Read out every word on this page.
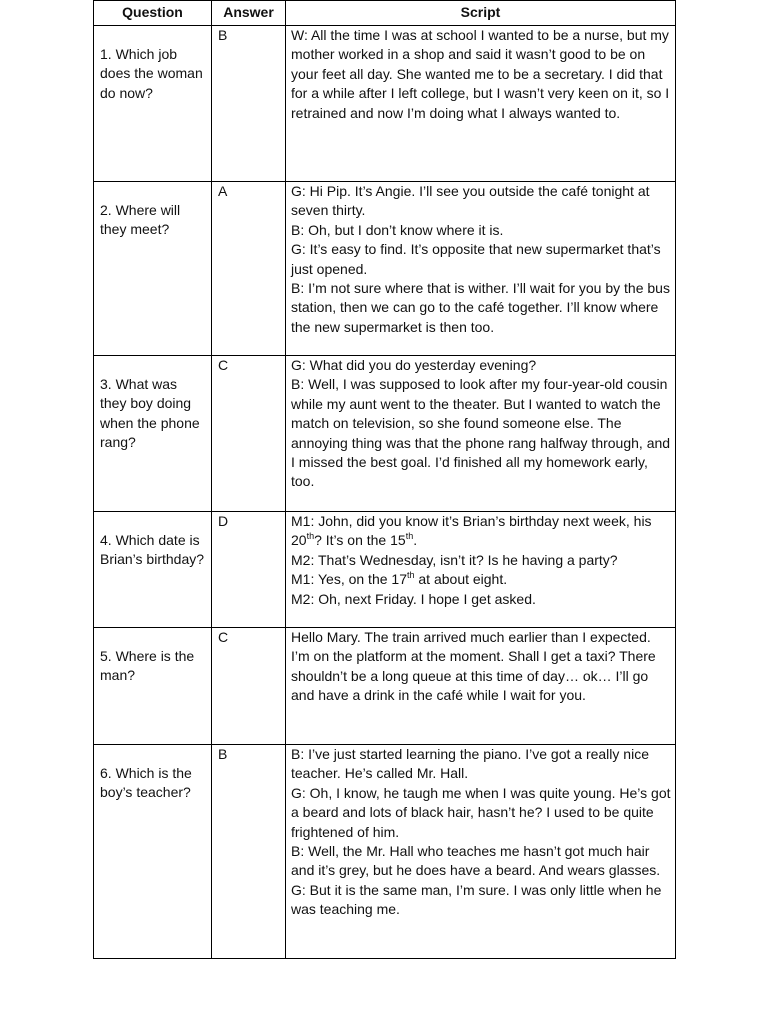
Question	Answer	Script
1. Which job does the woman do now?	B	W: All the time I was at school I wanted to be a nurse, but my mother worked in a shop and said it wasn’t good to be on your feet all day. She wanted me to be a secretary. I did that for a while after I left college, but I wasn’t very keen on it, so I retrained and now I’m doing what I always wanted to.
2. Where will they meet?	A	G: Hi Pip. It’s Angie. I’ll see you outside the café tonight at seven thirty.
B: Oh, but I don’t know where it is.
G: It’s easy to find. It’s opposite that new supermarket that’s just opened.
B: I’m not sure where that is wither. I’ll wait for you by the bus station, then we can go to the café together. I’ll know where the new supermarket is then too.

3. What was they boy doing when the phone rang?	C	G: What did you do yesterday evening?
B: Well, I was supposed to look after my four-year-old cousin while my aunt went to the theater. But I wanted to watch the match on television, so she found someone else. The annoying thing was that the phone rang halfway through, and I missed the best goal. I’d finished all my homework early, too.

4. Which date is Brian’s birthday?	D	M1: John, did you know it’s Brian’s birthday next week, his 20th? It’s on the 15th.
M2: That’s Wednesday, isn’t it? Is he having a party?
M1: Yes, on the 17th at about eight.
M2: Oh, next Friday. I hope I get asked.

5. Where is the man?	C	Hello Mary. The train arrived much earlier than I expected. I’m on the platform at the moment. Shall I get a taxi? There shouldn’t be a long queue at this time of day… ok… I’ll go and have a drink in the café while I wait for you.

6. Which is the boy’s teacher?	B	B: I’ve just started learning the piano. I’ve got a really nice teacher. He’s called Mr. Hall.
G: Oh, I know, he taugh me when I was quite young. He’s got a beard and lots of black hair, hasn’t he? I used to be quite frightened of him.
B: Well, the Mr. Hall who teaches me hasn’t got much hair and it’s grey, but he does have a beard. And wears glasses.
G: But it is the same man, I’m sure. I was only little when he was teaching me.
